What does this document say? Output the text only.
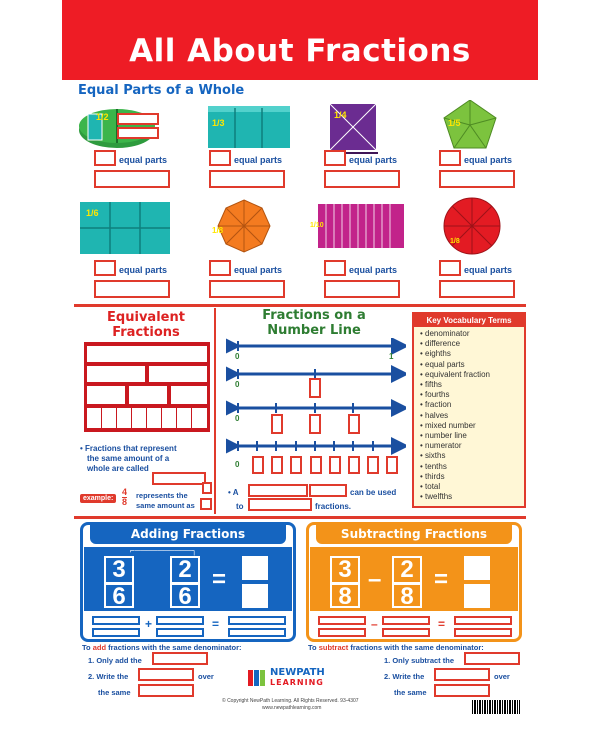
All About Fractions
Equal Parts of a Whole
1/2
1/3
1/4
1/5
1/6
1/8
1/10
1/8
equal parts	equal parts	equal parts	equal parts
equal parts	equal parts	equal parts	equal parts
Equivalent
Fractions
• Fractions that represent
the same amount of a
whole are called
example: $\frac{4}{8}$ represents the
same amount as
Fractions on a
Number Line
0	1
0
0
0
• A	can be used
to	fractions.
Key Vocabulary Terms
• denominator
• difference
• eighths
• equal parts
• equivalent fraction
• fifths
• fourths
• fraction
• halves
• mixed number
• number line
• numerator
• sixths
• tenths
• thirds
• total
• twelfths
Adding Fractions
$\frac{3}{6} \frac{2}{6}$ =
⌐──────────┐
+	=
To add fractions with the same denominator:
1. Only add the
2. Write the	over
the same
Subtracting Fractions
$\frac{3}{8} - \frac{2}{8}$ =
–	=
To subtract fractions with the same denominator:
1. Only subtract the
2. Write the	over
the same
NEWPATH
LEARNING
© Copyright NewPath Learning. All Rights Reserved. 93-4307
www.newpathlearning.com
